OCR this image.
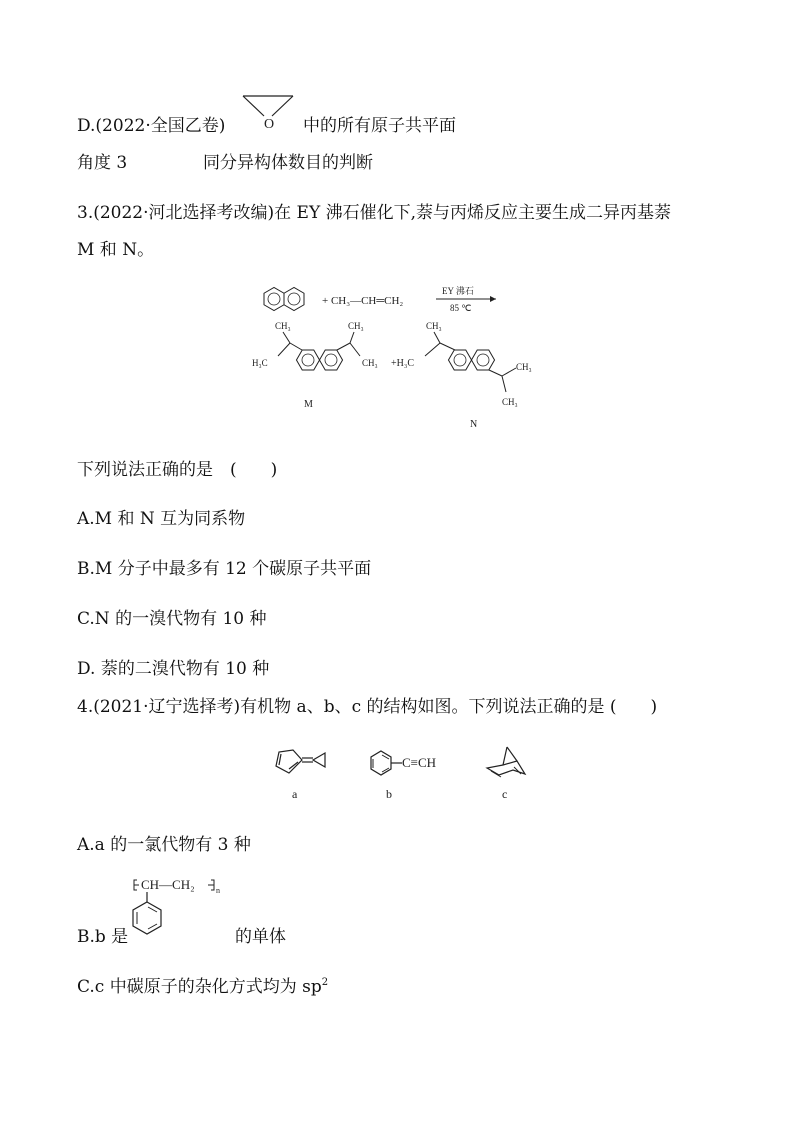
D.(2022·全国乙卷)	O 中的所有原子共平面
角度 3	同分异构体数目的判断
3.(2022·河北选择考改编)在 EY 沸石催化下,萘与丙烯反应主要生成二异丙基萘
M 和 N。
+ CH₃—CH═CH₂
EY 沸石
85 ℃
CH₃
H₃C
CH₃
CH₃ +H₃C
M
CH₃
CH₃
CH₃
N
下列说法正确的是　(　　)
A.M 和 N 互为同系物
B.M 分子中最多有 12 个碳原子共平面
C.N 的一溴代物有 10 种
D. 萘的二溴代物有 10 种
4.(2021·辽宁选择考)有机物 a、b、c 的结构如图。下列说法正确的是 (　　)
a
C≡CH
b	c
A.a 的一氯代物有 3 种
CH—CH₂	n
B.b 是	的单体
C.c 中碳原子的杂化方式均为 $sp^2$
